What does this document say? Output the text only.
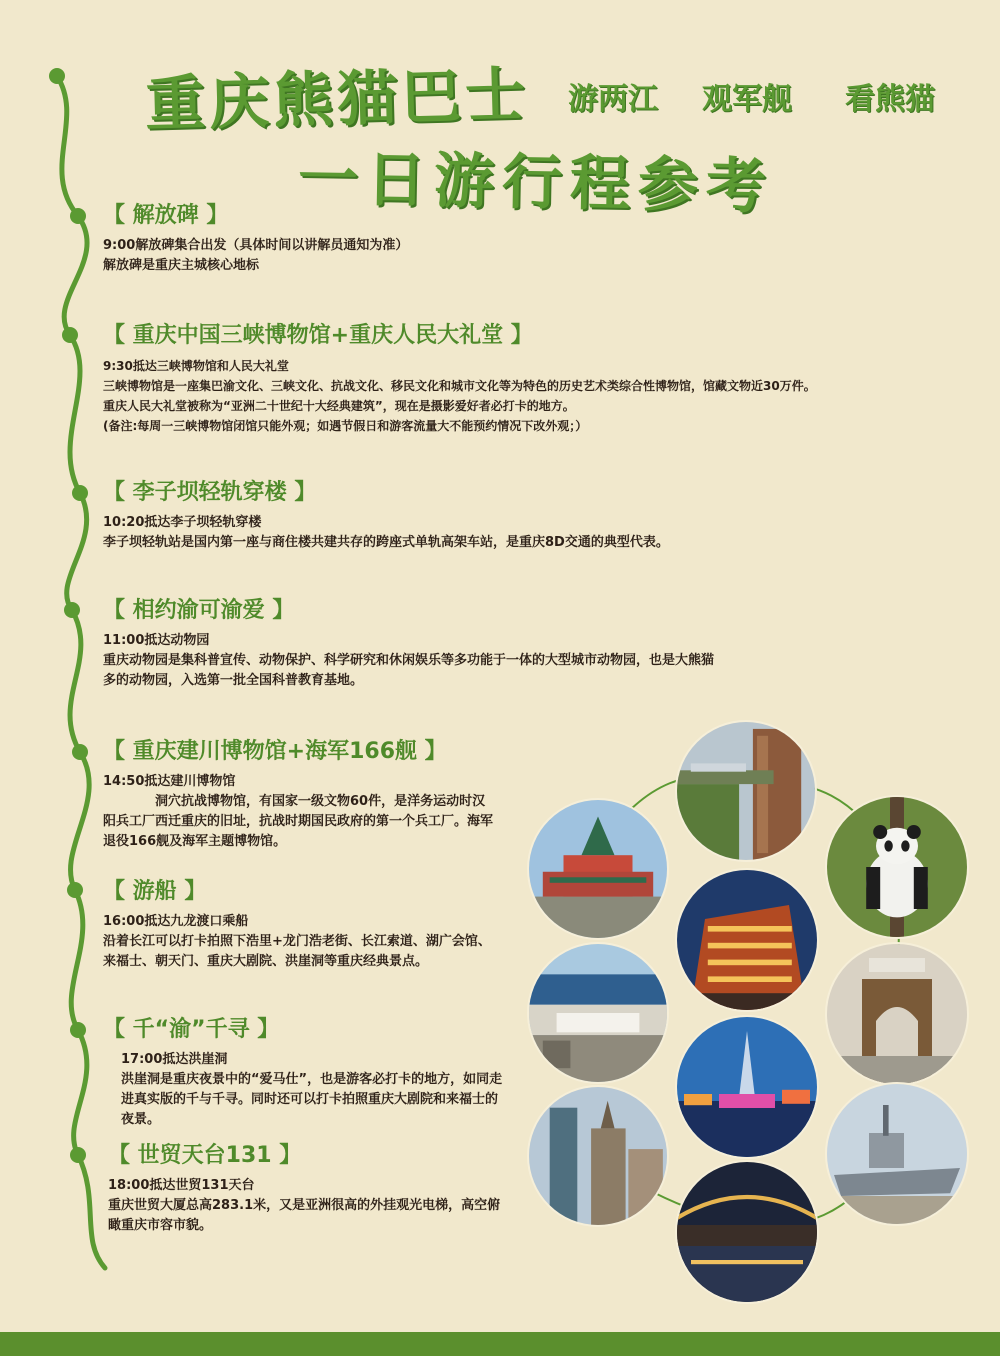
重庆熊猫巴士 游两江 观军舰 看熊猫
一日游行程参考
【 解放碑 】
9:00解放碑集合出发（具体时间以讲解员通知为准）
解放碑是重庆主城核心地标
【 重庆中国三峡博物馆+重庆人民大礼堂 】
9:30抵达三峡博物馆和人民大礼堂
三峡博物馆是一座集巴渝文化、三峡文化、抗战文化、移民文化和城市文化等为特色的历史艺术类综合性博物馆，馆藏文物近30万件。
重庆人民大礼堂被称为“亚洲二十世纪十大经典建筑”，现在是摄影爱好者必打卡的地方。
(备注:每周一三峡博物馆闭馆只能外观；如遇节假日和游客流量大不能预约情况下改外观；）
【 李子坝轻轨穿楼 】
10:20抵达李子坝轻轨穿楼
李子坝轻轨站是国内第一座与商住楼共建共存的跨座式单轨高架车站，是重庆8D交通的典型代表。
【 相约渝可渝爱 】
11:00抵达动物园
重庆动物园是集科普宣传、动物保护、科学研究和休闲娱乐等多功能于一体的大型城市动物园，也是大熊猫
多的动物园，入选第一批全国科普教育基地。
【 重庆建川博物馆+海军166舰 】
14:50抵达建川博物馆
洞穴抗战博物馆，有国家一级文物60件，是洋务运动时汉阳兵工厂西迁重庆的旧址，抗战时期国民政府的第一个兵工厂。海军退役166舰及海军主题博物馆。
【 游船 】
16:00抵达九龙渡口乘船
沿着长江可以打卡拍照下浩里+龙门浩老街、长江索道、湖广会馆、来福士、朝天门、重庆大剧院、洪崖洞等重庆经典景点。
【 千“渝”千寻 】
17:00抵达洪崖洞
洪崖洞是重庆夜景中的“爱马仕”，也是游客必打卡的地方，如同走进真实版的千与千寻。同时还可以打卡拍照重庆大剧院和来福士的夜景。
【 世贸天台131 】
18:00抵达世贸131天台
重庆世贸大厦总高283.1米，又是亚洲很高的外挂观光电梯，高空俯瞰重庆市容市貌。
